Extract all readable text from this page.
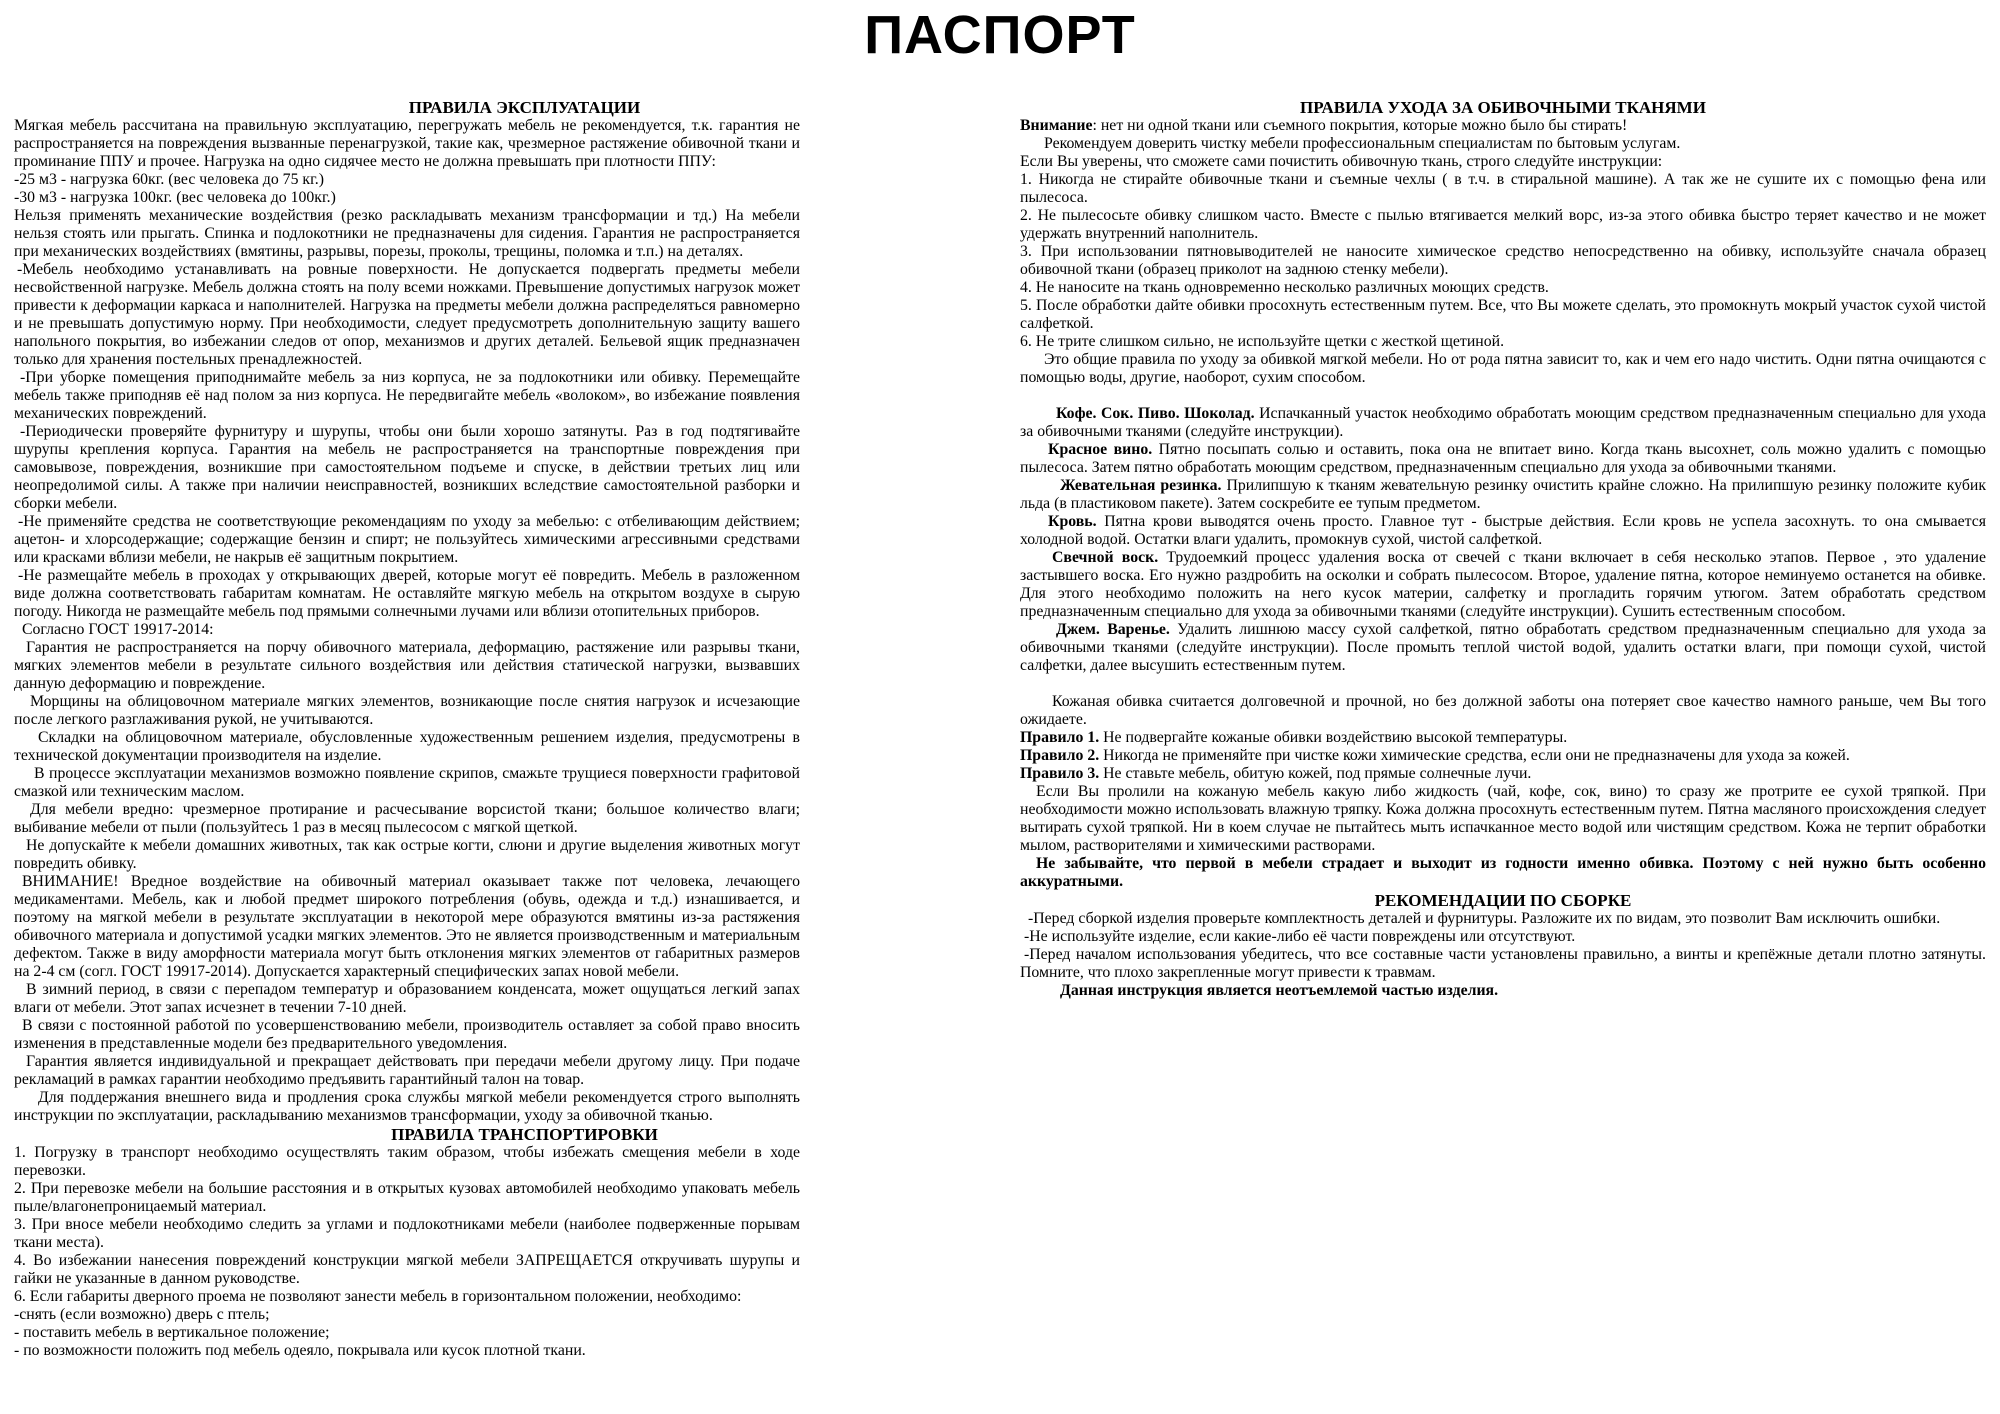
ПАСПОРТ
ПРАВИЛА ЭКСПЛУАТАЦИИ

Мягкая мебель рассчитана на правильную эксплуатацию, перегружать мебель не рекомендуется, т.к. гарантия не распространяется на повреждения вызванные перенагрузкой, такие как, чрезмерное растяжение обивочной ткани и проминание ППУ и прочее. Нагрузка на одно сидячее место не должна превышать при плотности ППУ:

-25 м3 - нагрузка 60кг. (вес человека до 75 кг.)

-30 м3 - нагрузка 100кг. (вес человека до 100кг.)

Нельзя применять механические воздействия (резко раскладывать механизм трансформации и тд.) На мебели нельзя стоять или прыгать. Спинка и подлокотники не предназначены для сидения. Гарантия не распространяется при механических воздействиях (вмятины, разрывы, порезы, проколы, трещины, поломка и т.п.) на деталях.

-Мебель необходимо устанавливать на ровные поверхности. Не допускается подвергать предметы мебели несвойственной нагрузке. Мебель должна стоять на полу всеми ножками. Превышение допустимых нагрузок может привести к деформации каркаса и наполнителей. Нагрузка на предметы мебели должна распределяться равномерно и не превышать допустимую норму. При необходимости, следует предусмотреть дополнительную защиту вашего напольного покрытия, во избежании следов от опор, механизмов и других деталей. Бельевой ящик предназначен только для хранения постельных пренадлежностей.

-При уборке помещения приподнимайте мебель за низ корпуса, не за подлокотники или обивку. Перемещайте мебель также приподняв её над полом за низ корпуса. Не передвигайте мебель «волоком», во избежание появления механических повреждений.

-Периодически проверяйте фурнитуру и шурупы, чтобы они были хорошо затянуты. Раз в год подтягивайте шурупы крепления корпуса. Гарантия на мебель не распространяется на транспортные повреждения при самовывозе, повреждения, возникшие при самостоятельном подъеме и спуске, в действии третьих лиц или неопредолимой силы. А также при наличии неисправностей, возникших вследствие самостоятельной разборки и сборки мебели.

-Не применяйте средства не соответствующие рекомендациям по уходу за мебелью: с отбеливающим действием; ацетон- и хлорсодержащие; содержащие бензин и спирт; не пользуйтесь химическими агрессивными средствами или красками вблизи мебели, не накрыв её защитным покрытием.

-Не размещайте мебель в проходах у открывающих дверей, которые могут её повредить. Мебель в разложенном виде должна соответствовать габаритам комнатам. Не оставляйте мягкую мебель на открытом воздухе в сырую погоду. Никогда не размещайте мебель под прямыми солнечными лучами или вблизи отопительных приборов.

Согласно ГОСТ 19917-2014:

Гарантия не распространяется на порчу обивочного материала, деформацию, растяжение или разрывы ткани, мягких элементов мебели в результате сильного воздействия или действия статической нагрузки, вызвавших данную деформацию и повреждение.

Морщины на облицовочном материале мягких элементов, возникающие после снятия нагрузок и исчезающие после легкого разглаживания рукой, не учитываются.

Складки на облицовочном материале, обусловленные художественным решением изделия, предусмотрены в технической документации производителя на изделие.

В процессе эксплуатации механизмов возможно появление скрипов, смажьте трущиеся поверхности графитовой смазкой или техническим маслом.

Для мебели вредно: чрезмерное протирание и расчесывание ворсистой ткани; большое количество влаги; выбивание мебели от пыли (пользуйтесь 1 раз в месяц пылесосом с мягкой щеткой.

Не допускайте к мебели домашних животных, так как острые когти, слюни и другие выделения животных могут повредить обивку.

ВНИМАНИЕ! Вредное воздействие на обивочный материал оказывает также пот человека, лечающего медикаментами. Мебель, как и любой предмет широкого потребления (обувь, одежда и т.д.) изнашивается, и поэтому на мягкой мебели в результате эксплуатации в некоторой мере образуются вмятины из-за растяжения обивочного материала и допустимой усадки мягких элементов. Это не является производственным и материальным дефектом. Также в виду аморфности материала могут быть отклонения мягких элементов от габаритных размеров на 2-4 см (согл. ГОСТ 19917-2014). Допускается характерный специфических запах новой мебели.

В зимний период, в связи с перепадом температур и образованием конденсата, может ощущаться легкий запах влаги от мебели. Этот запах исчезнет в течении 7-10 дней.

В связи с постоянной работой по усовершенствованию мебели, производитель оставляет за собой право вносить изменения в представленные модели без предварительного уведомления.

Гарантия является индивидуальной и прекращает действовать при передачи мебели другому лицу. При подаче рекламаций в рамках гарантии необходимо предъявить гарантийный талон на товар.

Для поддержания внешнего вида и продления срока службы мягкой мебели рекомендуется строго выполнять инструкции по эксплуатации, раскладыванию механизмов трансформации, уходу за обивочной тканью.

ПРАВИЛА ТРАНСПОРТИРОВКИ

1. Погрузку в транспорт необходимо осуществлять таким образом, чтобы избежать смещения мебели в ходе перевозки.

2. При перевозке мебели на большие расстояния и в открытых кузовах автомобилей необходимо упаковать мебель пыле/влагонепроницаемый материал.

3. При вносе мебели необходимо следить за углами и подлокотниками мебели (наиболее подверженные порывам ткани места).

4. Во избежании нанесения повреждений конструкции мягкой мебели ЗАПРЕЩАЕТСЯ откручивать шурупы и гайки не указанные в данном руководстве.

6. Если габариты дверного проема не позволяют занести мебель в горизонтальном положении, необходимо:

-снять (если возможно) дверь с птель;

- поставить мебель в вертикальное положение;

- по возможности положить под мебель одеяло, покрывала или кусок плотной ткани.

ПРАВИЛА УХОДА ЗА ОБИВОЧНЫМИ ТКАНЯМИ

Внимание: нет ни одной ткани или съемного покрытия, которые можно было бы стирать!

Рекомендуем доверить чистку мебели профессиональным специалистам по бытовым услугам.

Если Вы уверены, что сможете сами почистить обивочную ткань, строго следуйте инструкции:

1. Никогда не стирайте обивочные ткани и съемные чехлы ( в т.ч. в стиральной машине). А так же не сушите их с помощью фена или пылесоса.

2. Не пылесосьте обивку слишком часто. Вместе с пылью втягивается мелкий ворс, из-за этого обивка быстро теряет качество и не может удержать внутренний наполнитель.

3. При использовании пятновыводителей не наносите химическое средство непосредственно на обивку, используйте сначала образец обивочной ткани (образец приколот на заднюю стенку мебели).

4. Не наносите на ткань одновременно несколько различных моющих средств.

5. После обработки дайте обивки просохнуть естественным путем. Все, что Вы можете сделать, это промокнуть мокрый участок сухой чистой салфеткой.

6. Не трите слишком сильно, не используйте щетки с жесткой щетиной.

Это общие правила по уходу за обивкой мягкой мебели. Но от рода пятна зависит то, как и чем его надо чистить. Одни пятна очищаются с помощью воды, другие, наоборот, сухим способом.

Кофе. Сок. Пиво. Шоколад. Испачканный участок необходимо обработать моющим средством предназначенным специально для ухода за обивочными тканями (следуйте инструкции).

Красное вино. Пятно посыпать солью и оставить, пока она не впитает вино. Когда ткань высохнет, соль можно удалить с помощью пылесоса. Затем пятно обработать моющим средством, предназначенным специально для ухода за обивочными тканями.

Жевательная резинка. Прилипшую к тканям жевательную резинку очистить крайне сложно. На прилипшую резинку положите кубик льда (в пластиковом пакете). Затем соскребите ее тупым предметом.

Кровь. Пятна крови выводятся очень просто. Главное тут - быстрые действия. Если кровь не успела засохнуть. то она смывается холодной водой. Остатки влаги удалить, промокнув сухой, чистой салфеткой.

Свечной воск. Трудоемкий процесс удаления воска от свечей с ткани включает в себя несколько этапов. Первое , это удаление застывшего воска. Его нужно раздробить на осколки и собрать пылесосом. Второе, удаление пятна, которое неминуемо останется на обивке. Для этого необходимо положить на него кусок материи, салфетку и прогладить горячим утюгом. Затем обработать средством предназначенным специально для ухода за обивочными тканями (следуйте инструкции). Сушить естественным способом.

Джем. Варенье. Удалить лишнюю массу сухой салфеткой, пятно обработать средством предназначенным специально для ухода за обивочными тканями (следуйте инструкции). После промыть теплой чистой водой, удалить остатки влаги, при помощи сухой, чистой салфетки, далее высушить естественным путем.

Кожаная обивка считается долговечной и прочной, но без должной заботы она потеряет свое качество намного раньше, чем Вы того ожидаете.

Правило 1. Не подвергайте кожаные обивки воздействию высокой температуры.

Правило 2. Никогда не применяйте при чистке кожи химические средства, если они не предназначены для ухода за кожей.

Правило 3. Не ставьте мебель, обитую кожей, под прямые солнечные лучи.

Если Вы пролили на кожаную мебель какую либо жидкость (чай, кофе, сок, вино) то сразу же протрите ее сухой тряпкой. При необходимости можно использовать влажную тряпку. Кожа должна просохнуть естественным путем. Пятна масляного происхождения следует вытирать сухой тряпкой. Ни в коем случае не пытайтесь мыть испачканное место водой или чистящим средством. Кожа не терпит обработки мылом, растворителями и химическими растворами.

Не забывайте, что первой в мебели страдает и выходит из годности именно обивка. Поэтому с ней нужно быть особенно аккуратными.

РЕКОМЕНДАЦИИ ПО СБОРКЕ

-Перед сборкой изделия проверьте комплектность деталей и фурнитуры. Разложите их по видам, это позволит Вам исключить ошибки.

-Не используйте изделие, если какие-либо её части повреждены или отсутствуют.

-Перед началом использования убедитесь, что все составные части установлены правильно, а винты и крепёжные детали плотно затянуты. Помните, что плохо закрепленные могут привести к травмам.

Данная инструкция является неотъемлемой частью изделия.
